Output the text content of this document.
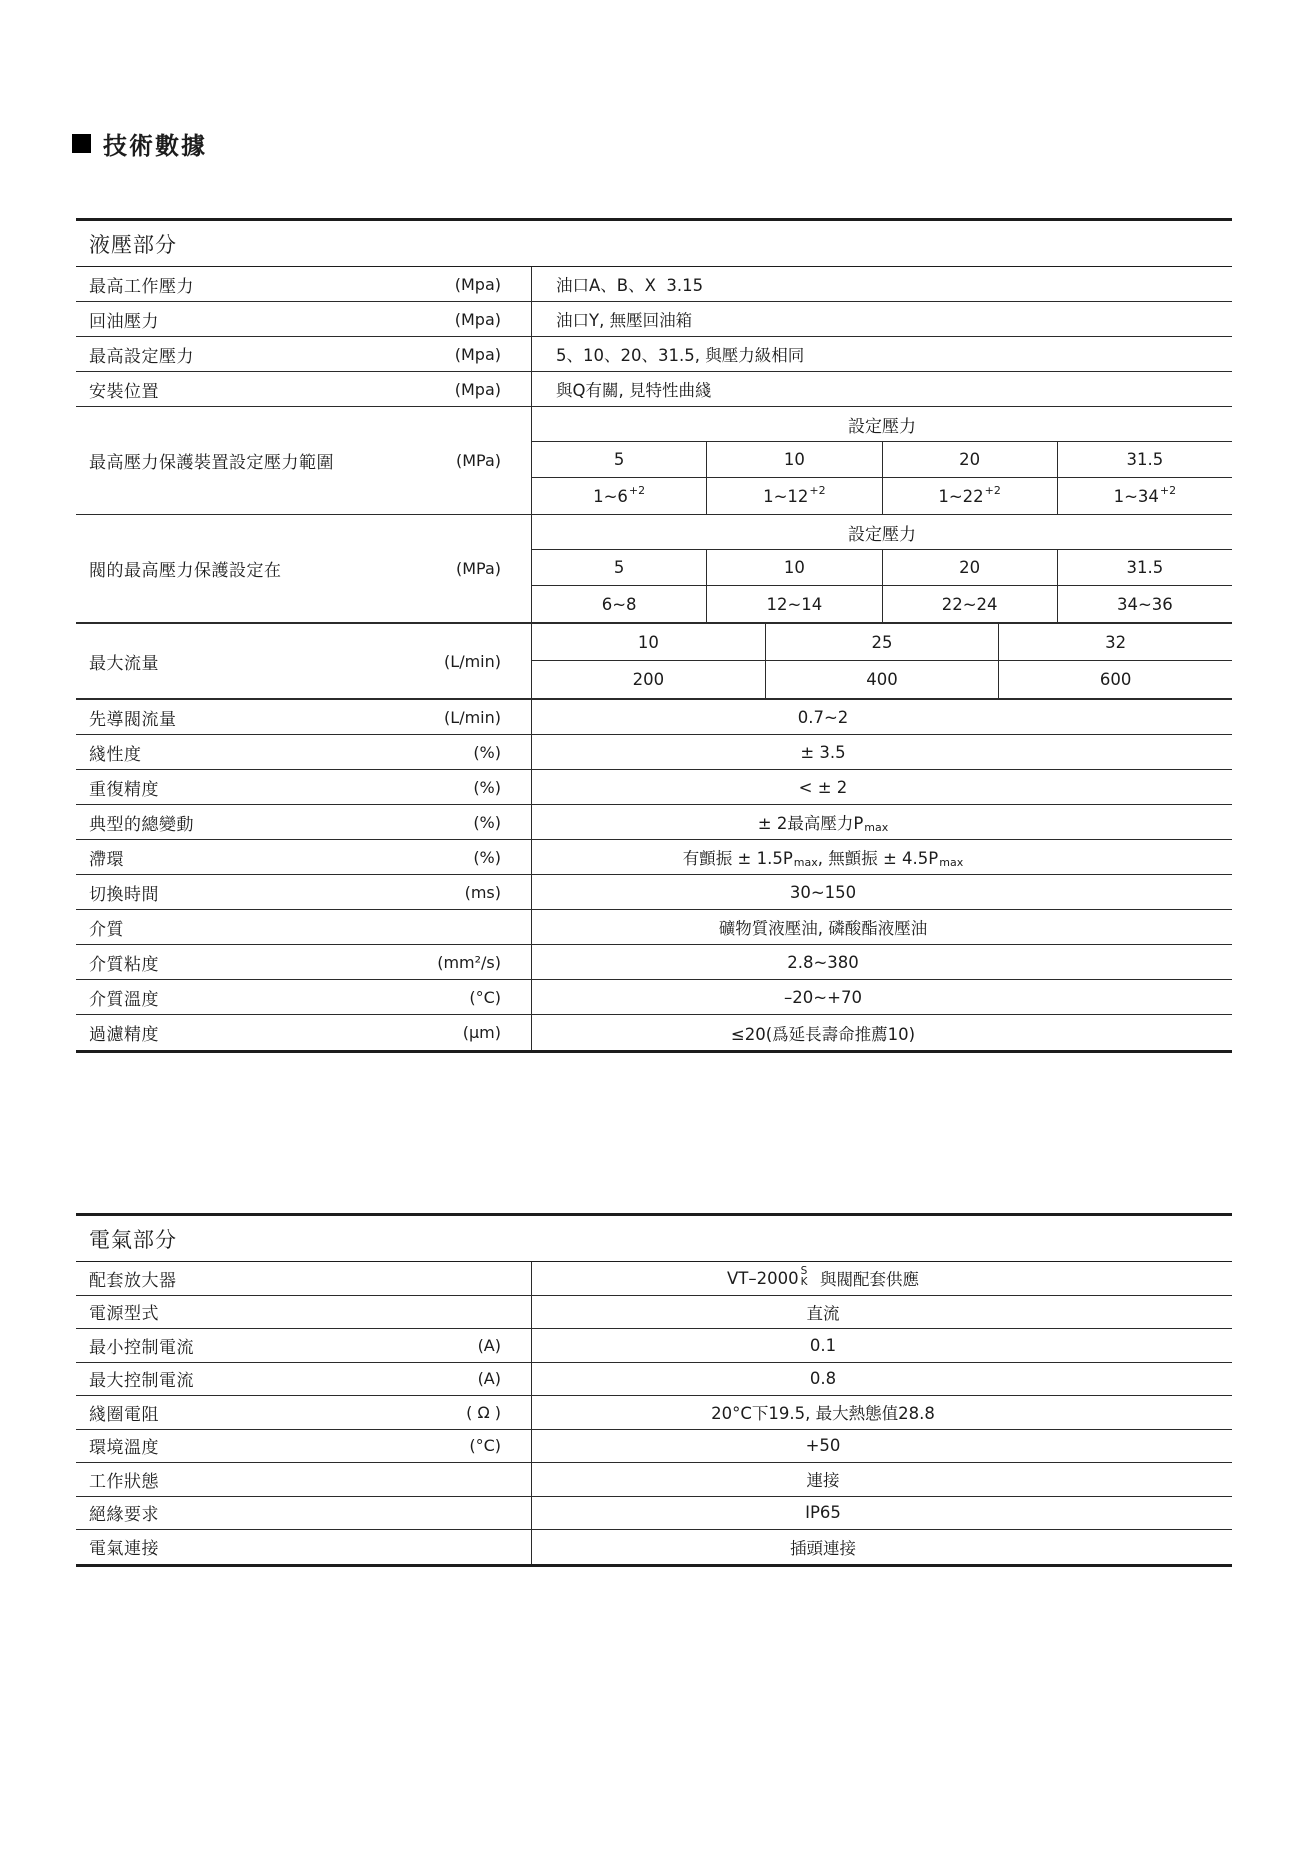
技術數據
液壓部分
最高工作壓力	(Mpa)	油口A、B、X  3.15
回油壓力	(Mpa)	油口Y, 無壓回油箱
最高設定壓力	(Mpa)	5、10、20、31.5, 與壓力級相同
安裝位置	(Mpa)	與Q有關, 見特性曲綫
最高壓力保護裝置設定壓力範圍	(MPa)
設定壓力
5	10	20	31.5
1~6 +2	1~12 +2	1~22 +2	1~34 +2
閥的最高壓力保護設定在	(MPa)
設定壓力
5	10	20	31.5
6~8	12~14	22~24	34~36
最大流量	(L/min)
10	25	32
200	400	600
先導閥流量	(L/min)	0.7~2
綫性度	(%)	± 3.5
重復精度	(%)	< ± 2
典型的總變動	(%)	± 2最高壓力P max
滯環	(%)	有顫振 ± 1.5P max , 無顫振 ± 4.5P max
切換時間	(ms)	30~150
介質	礦物質液壓油, 磷酸酯液壓油
介質粘度	(mm²/s)	2.8~380
介質溫度	(°C)	–20~+70
過濾精度	(μm)	≤20(爲延長壽命推薦10)
電氣部分
配套放大器	VT–2000 S
K 與閥配套供應
電源型式	直流
最小控制電流	(A)	0.1
最大控制電流	(A)	0.8
綫圈電阻	( Ω )	20°C下19.5, 最大熱態值28.8
環境溫度	(°C)	+50
工作狀態	連接
絕緣要求	IP65
電氣連接	插頭連接
